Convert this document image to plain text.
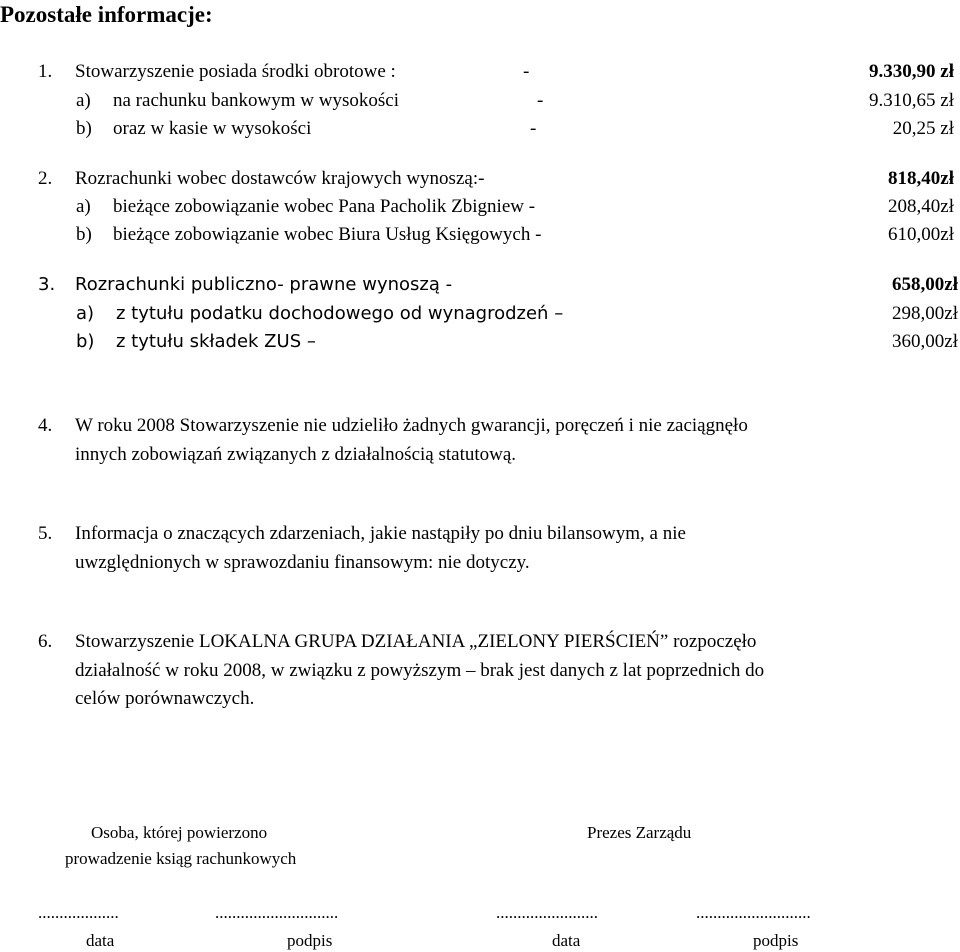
Pozostałe informacje:
1. Stowarzyszenie posiada środki obrotowe :	-	9.330,90 zł
a) na rachunku bankowym w wysokości	-	9.310,65 zł
b) oraz w kasie w wysokości	-	20,25 zł
2. Rozrachunki wobec dostawców krajowych wynoszą:-	818,40zł
a) bieżące zobowiązanie wobec Pana Pacholik Zbigniew -	208,40zł
b) bieżące zobowiązanie wobec Biura Usług Księgowych -	610,00zł
3. Rozrachunki publiczno- prawne wynoszą -	658,00zł
a) z tytułu podatku dochodowego od wynagrodzeń –	298,00zł
b) z tytułu składek ZUS –	360,00zł
4. W roku 2008 Stowarzyszenie nie udzieliło żadnych gwarancji, poręczeń i nie zaciągnęło
innych zobowiązań związanych z działalnością statutową.
5. Informacja o znaczących zdarzeniach, jakie nastąpiły po dniu bilansowym, a nie
uwzględnionych w sprawozdaniu finansowym: nie dotyczy.
6. Stowarzyszenie LOKALNA GRUPA DZIAŁANIA „ZIELONY PIERŚCIEŃ” rozpoczęło
działalność w roku 2008, w związku z powyższym – brak jest danych z lat poprzednich do
celów porównawczych.
Osoba, której powierzono
prowadzenie ksiąg rachunkowych
Prezes Zarządu
...................	.............................	........................	...........................
data	podpis	data	podpis
